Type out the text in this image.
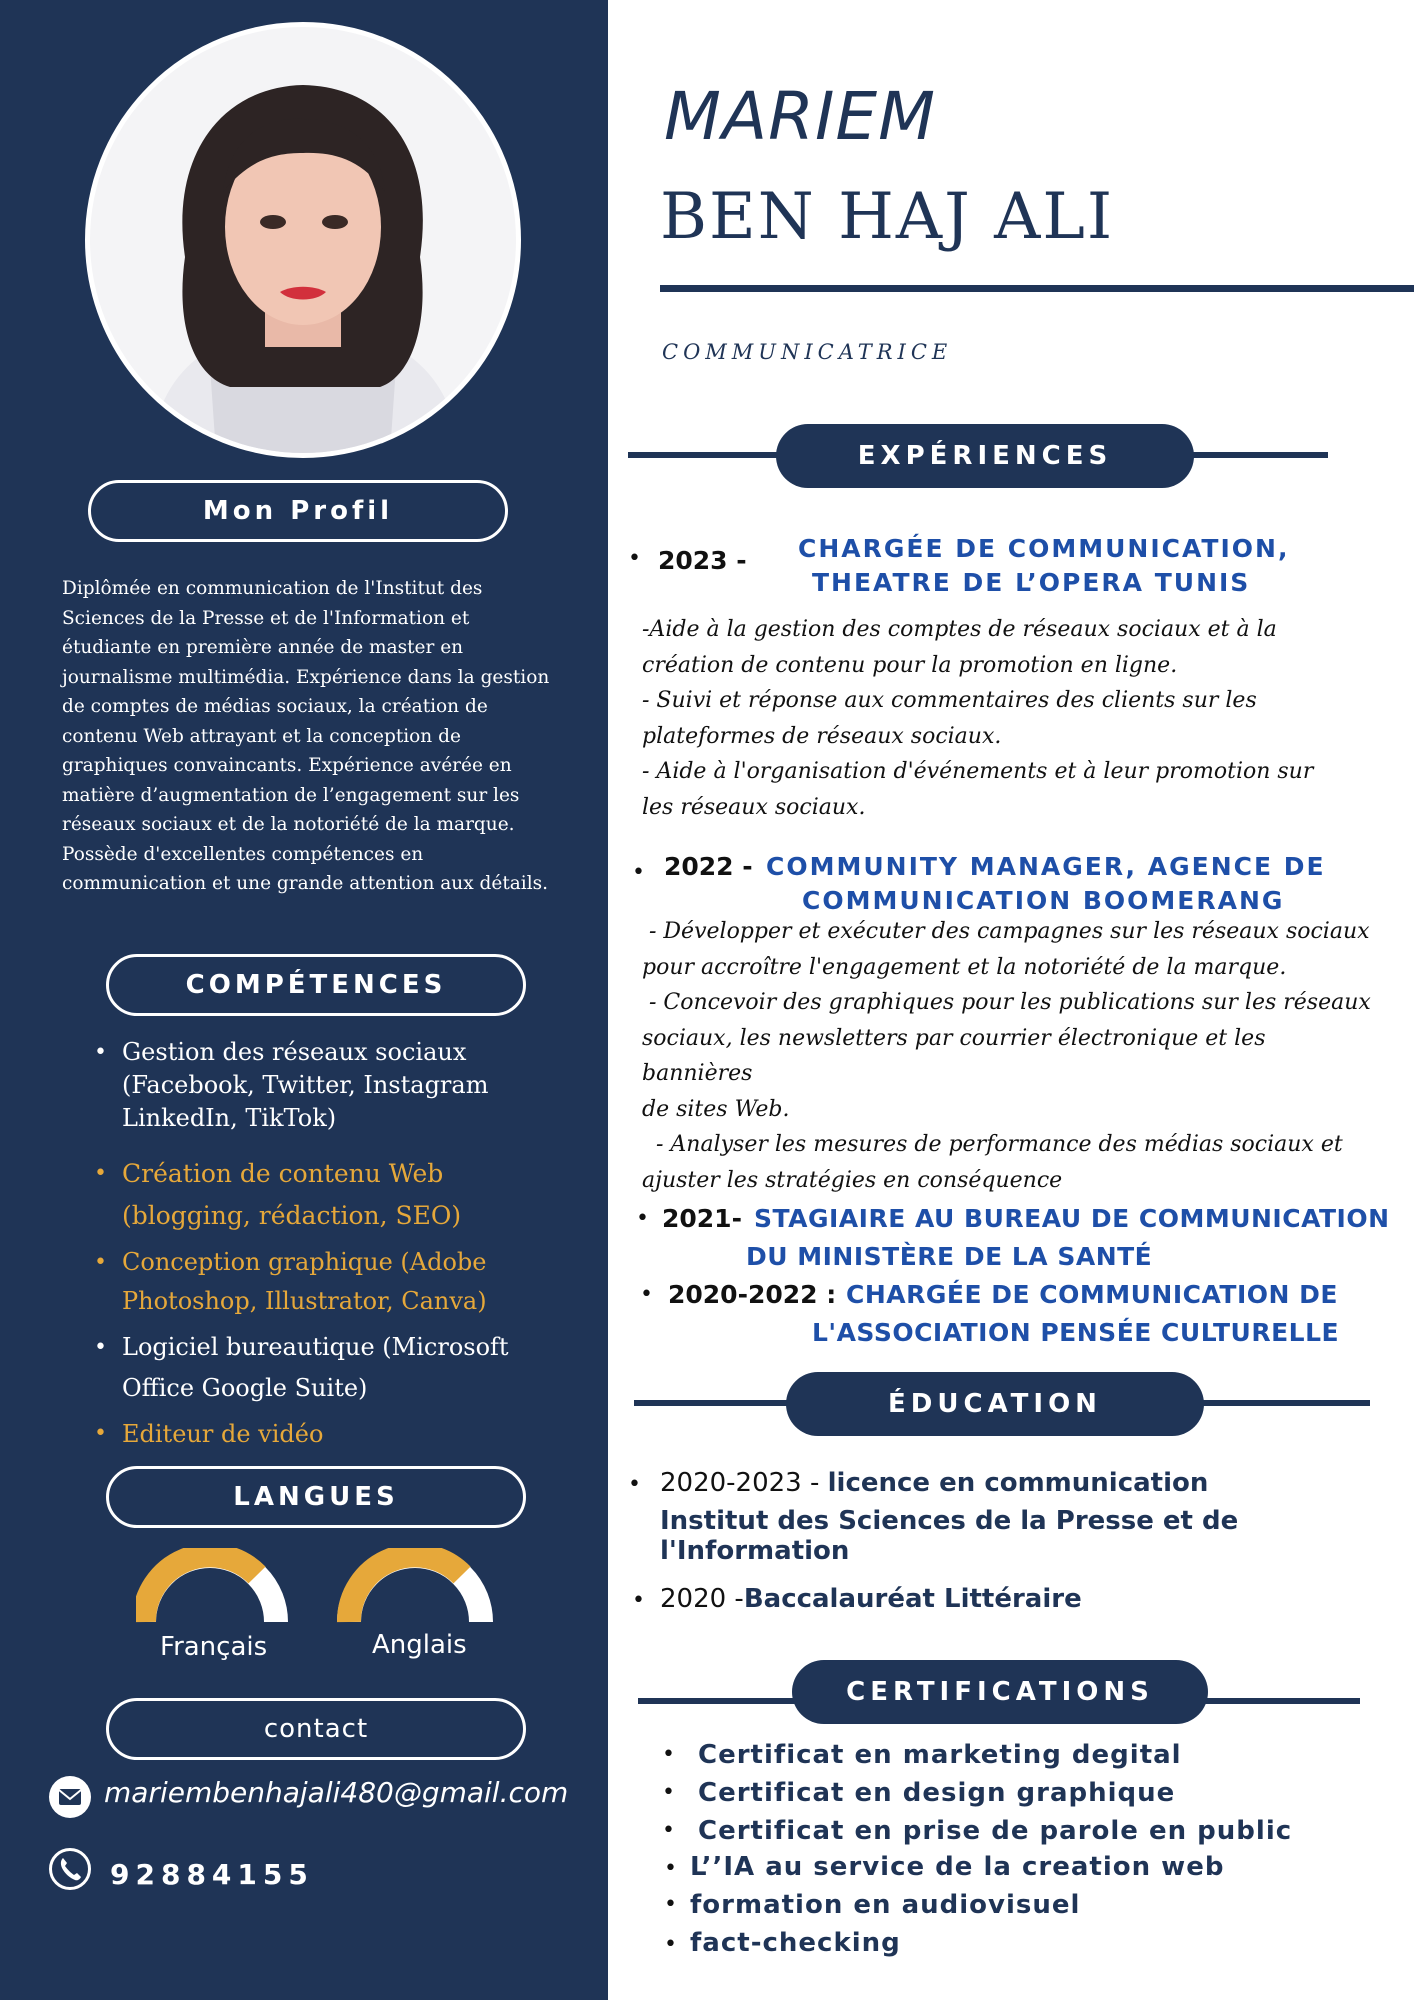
Mon Profil
Diplômée en communication de l'Institut des Sciences de la Presse et de l'Information et étudiante en première année de master en journalisme multimédia. Expérience dans la gestion de comptes de médias sociaux, la création de contenu Web attrayant et la conception de graphiques convaincants. Expérience avérée en matière d’augmentation de l’engagement sur les réseaux sociaux et de la notoriété de la marque. Possède d'excellentes compétences en communication et une grande attention aux détails.
COMPÉTENCES
• Gestion des réseaux sociaux (Facebook, Twitter, Instagram LinkedIn, TikTok)
• Création de contenu Web (blogging, rédaction, SEO)
• Conception graphique (Adobe Photoshop, Illustrator, Canva)
• Logiciel bureautique (Microsoft Office Google Suite)
• Editeur de vidéo
LANGUES
Français	Anglais
contact
mariembenhajali480@gmail.com
92884155
MARIEM
BEN HAJ ALI
COMMUNICATRICE
EXPÉRIENCES
• 2023 - CHARGÉE DE COMMUNICATION,
THEATRE DE L’OPERA TUNIS
-Aide à la gestion des comptes de réseaux sociaux et à la
création de contenu pour la promotion en ligne.
- Suivi et réponse aux commentaires des clients sur les
plateformes de réseaux sociaux.
- Aide à l'organisation d'événements et à leur promotion sur
les réseaux sociaux.
• 2022 - COMMUNITY MANAGER, AGENCE DE
COMMUNICATION BOOMERANG
- Développer et exécuter des campagnes sur les réseaux sociaux
pour accroître l'engagement et la notoriété de la marque.
- Concevoir des graphiques pour les publications sur les réseaux
sociaux, les newsletters par courrier électronique et les bannières
de sites Web.
- Analyser les mesures de performance des médias sociaux et
ajuster les stratégies en conséquence
• 2021- STAGIAIRE AU BUREAU DE COMMUNICATION
DU MINISTÈRE DE LA SANTÉ
• 2020-2022 : CHARGÉE DE COMMUNICATION DE
L'ASSOCIATION PENSÉE CULTURELLE
ÉDUCATION
• 2020-2023 - licence en communication
Institut des Sciences de la Presse et de l'Information
• 2020 -Baccalauréat Littéraire
CERTIFICATIONS
• Certificat en marketing degital
• Certificat en design graphique
• Certificat en prise de parole en public
• L’’IA au service de la creation web
• formation en audiovisuel
• fact-checking
